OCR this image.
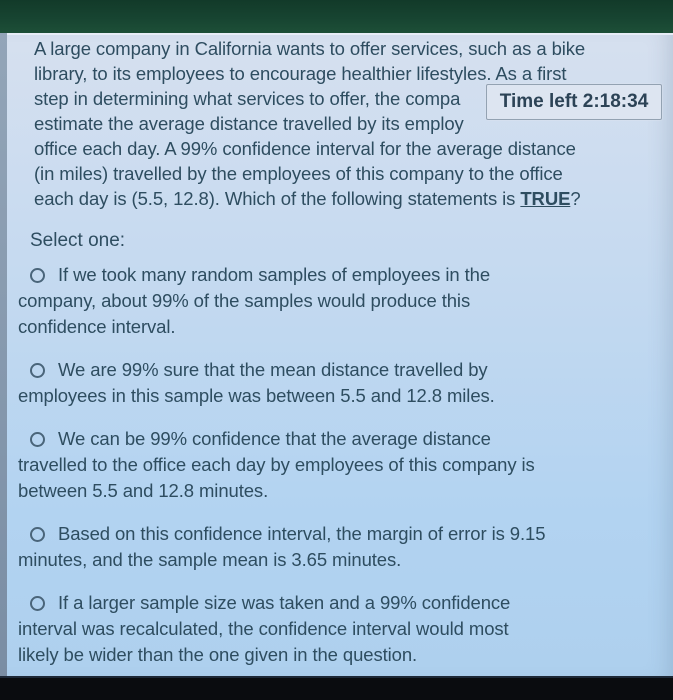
A large company in California wants to offer services, such as a bike
library, to its employees to encourage healthier lifestyles. As a first
step in determining what services to offer, the compa
estimate the average distance travelled by its employ
office each day. A 99% confidence interval for the average distance
(in miles) travelled by the employees of this company to the office
each day is (5.5, 12.8). Which of the following statements is TRUE?
Time left 2:18:34
Select one:
If we took many random samples of employees in the
company, about 99% of the samples would produce this
confidence interval.
We are 99% sure that the mean distance travelled by
employees in this sample was between 5.5 and 12.8 miles.
We can be 99% confidence that the average distance
travelled to the office each day by employees of this company is
between 5.5 and 12.8 minutes.
Based on this confidence interval, the margin of error is 9.15
minutes, and the sample mean is 3.65 minutes.
If a larger sample size was taken and a 99% confidence
interval was recalculated, the confidence interval would most
likely be wider than the one given in the question.
